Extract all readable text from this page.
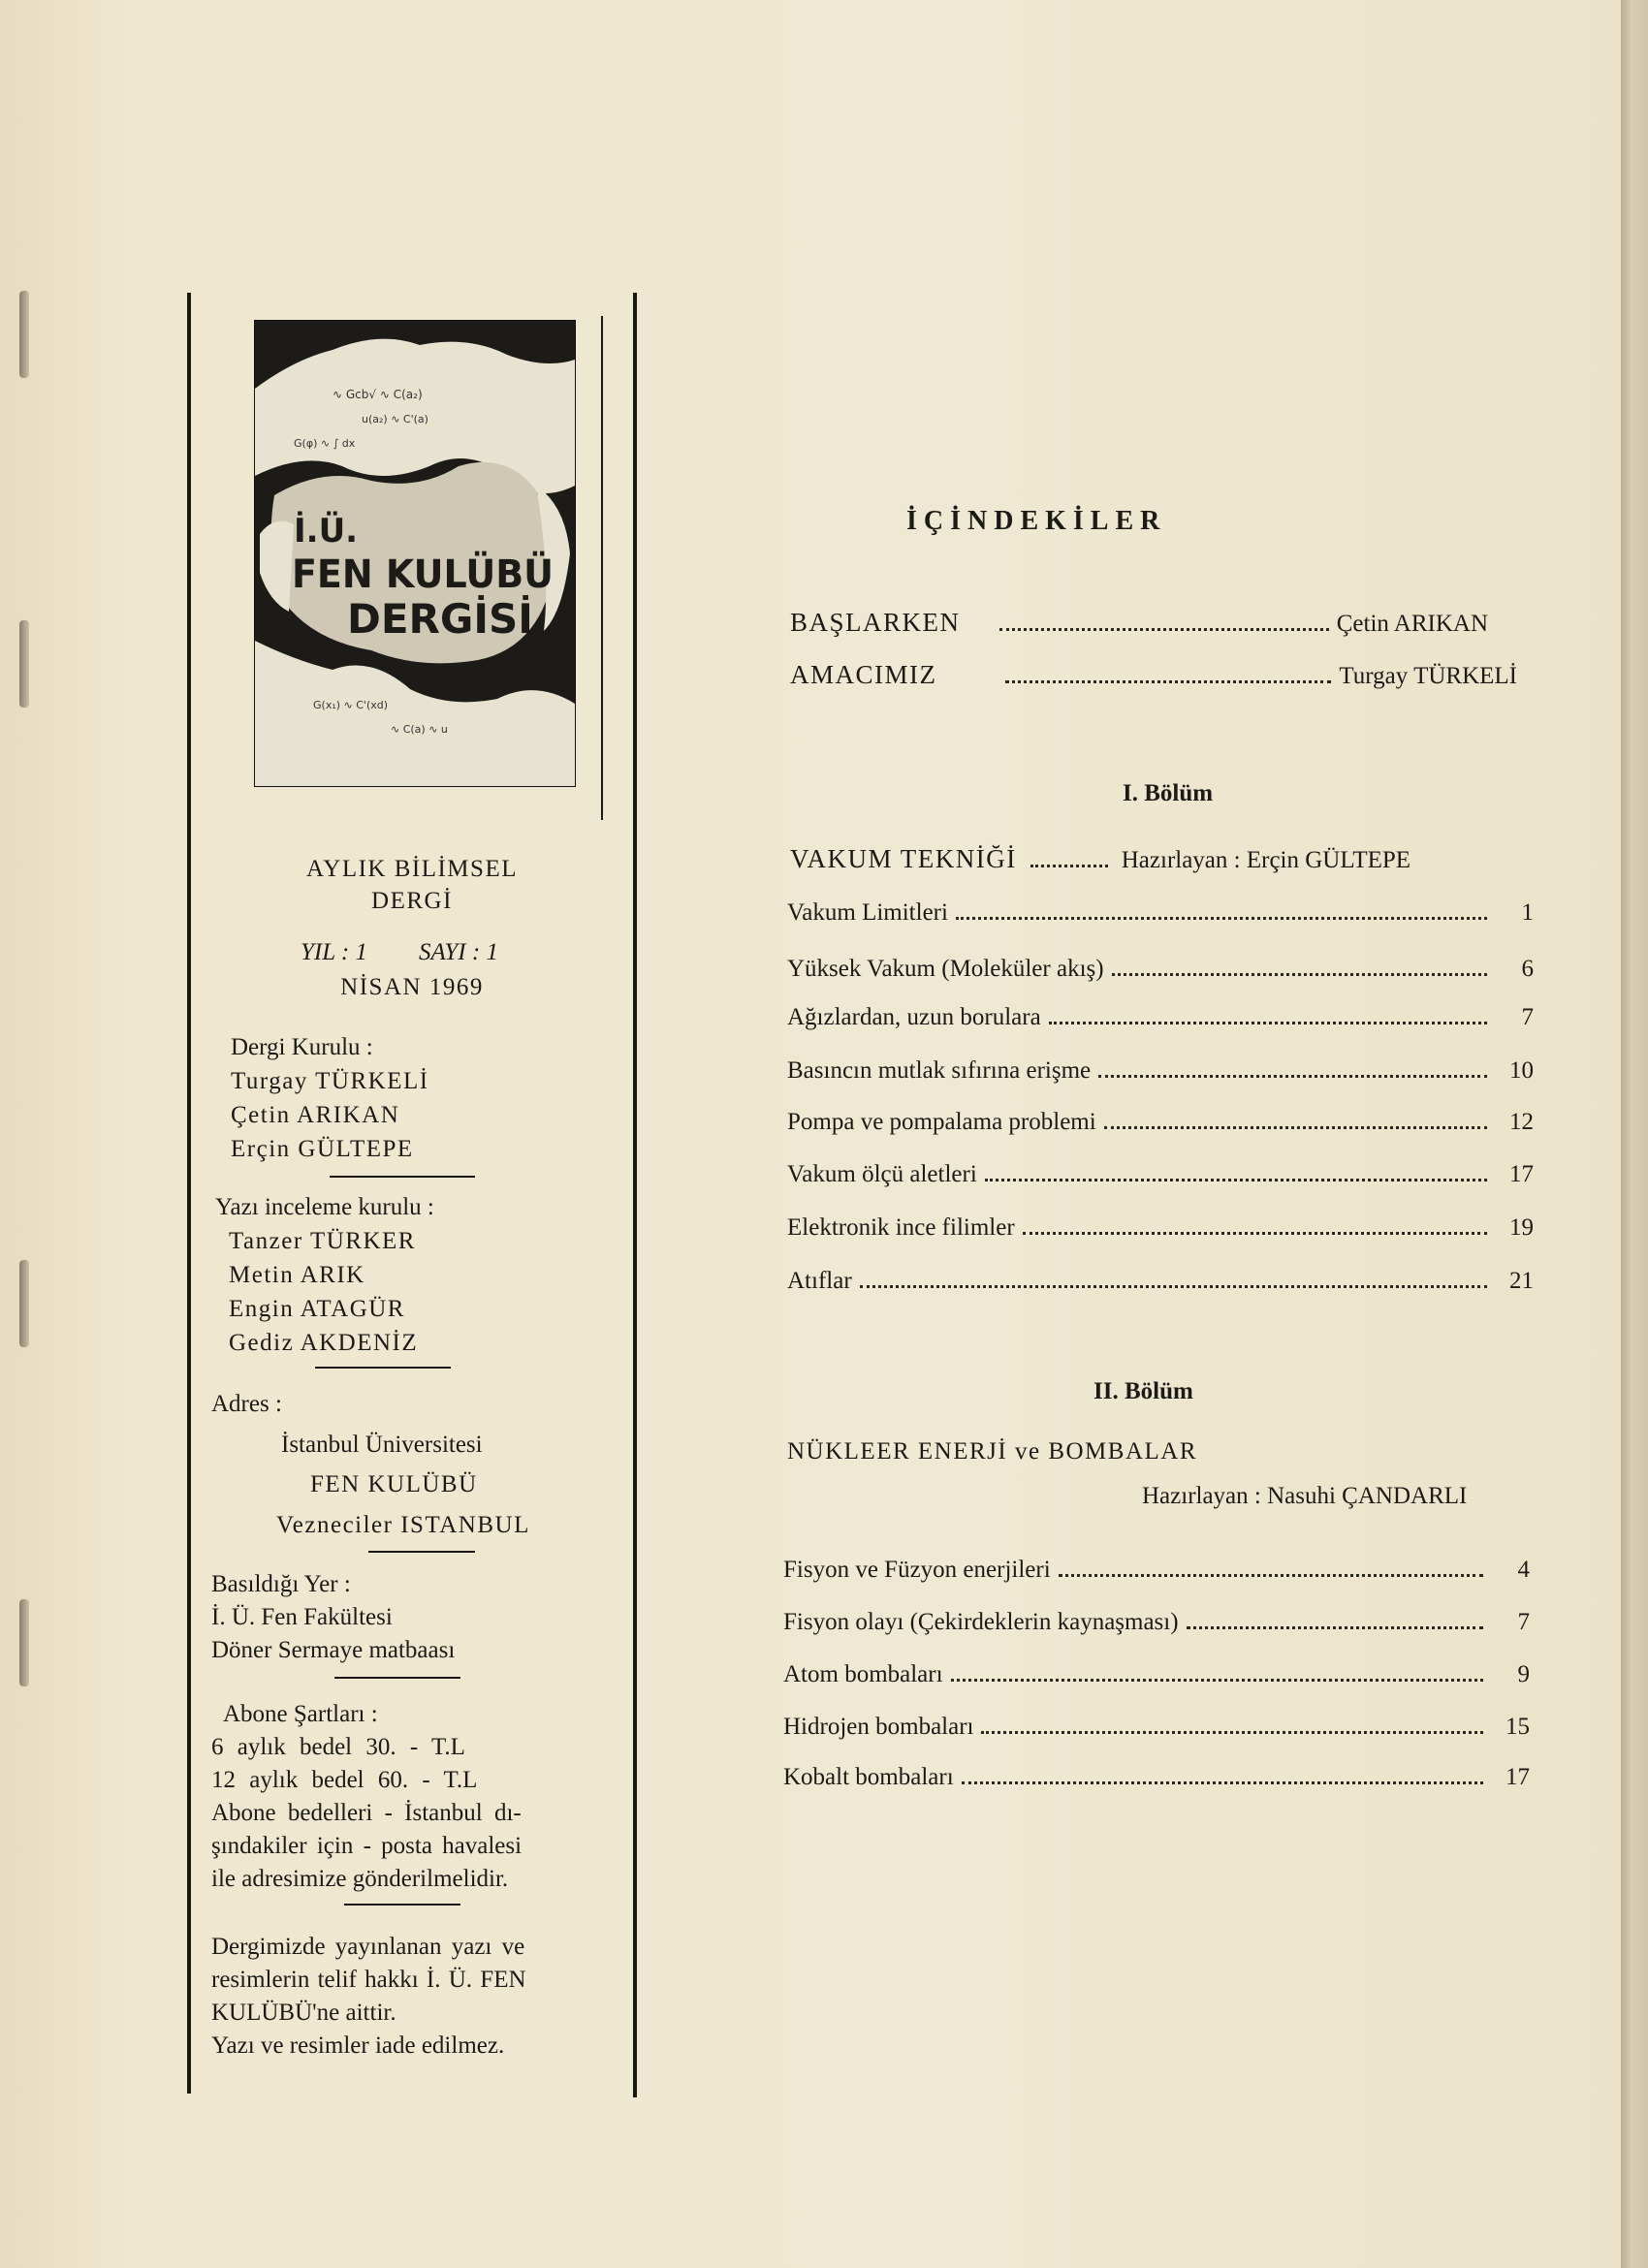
∿ Gcb√ ∿ C(a₂)
u(a₂) ∿ C'(a)
G(φ) ∿ ∫ dx
G(x₁) ∿ C'(xd)
∿ C(a) ∿ u
İ.Ü.
FEN KULÜBÜ
DERGİSİ
AYLIK BİLİMSEL
DERGİ
YIL : 1	SAYI : 1
NİSAN 1969
Dergi Kurulu :
Turgay TÜRKELİ
Çetin ARIKAN
Erçin GÜLTEPE
Yazı inceleme kurulu :
Tanzer TÜRKER
Metin ARIK
Engin ATAGÜR
Gediz AKDENİZ
Adres :
İstanbul Üniversitesi
FEN KULÜBÜ
Vezneciler ISTANBUL
Basıldığı Yer :
İ. Ü. Fen Fakültesi
Döner Sermaye matbaası
Abone Şartları :
6 aylık bedel 30. - T.L
12 aylık bedel 60. - T.L
Abone bedelleri - İstanbul dı-
şındakiler için - posta havalesi
ile adresimize gönderilmelidir.
Dergimizde yayınlanan yazı ve
resimlerin telif hakkı İ. Ü. FEN
KULÜBÜ'ne aittir.
Yazı ve resimler iade edilmez.
İÇİNDEKİLER
BAŞLARKEN	Çetin ARIKAN
AMACIMIZ	Turgay TÜRKELİ
I. Bölüm
VAKUM TEKNİĞİ	Hazırlayan : Erçin GÜLTEPE
Vakum Limitleri	1
Yüksek Vakum (Moleküler akış)	6
Ağızlardan, uzun borulara	7
Basıncın mutlak sıfırına erişme	10
Pompa ve pompalama problemi	12
Vakum ölçü aletleri	17
Elektronik ince filimler	19
Atıflar	21
II. Bölüm
NÜKLEER ENERJİ ve BOMBALAR
Hazırlayan : Nasuhi ÇANDARLI
Fisyon ve Füzyon enerjileri	4
Fisyon olayı (Çekirdeklerin kaynaşması)	7
Atom bombaları	9
Hidrojen bombaları	15
Kobalt bombaları	17
